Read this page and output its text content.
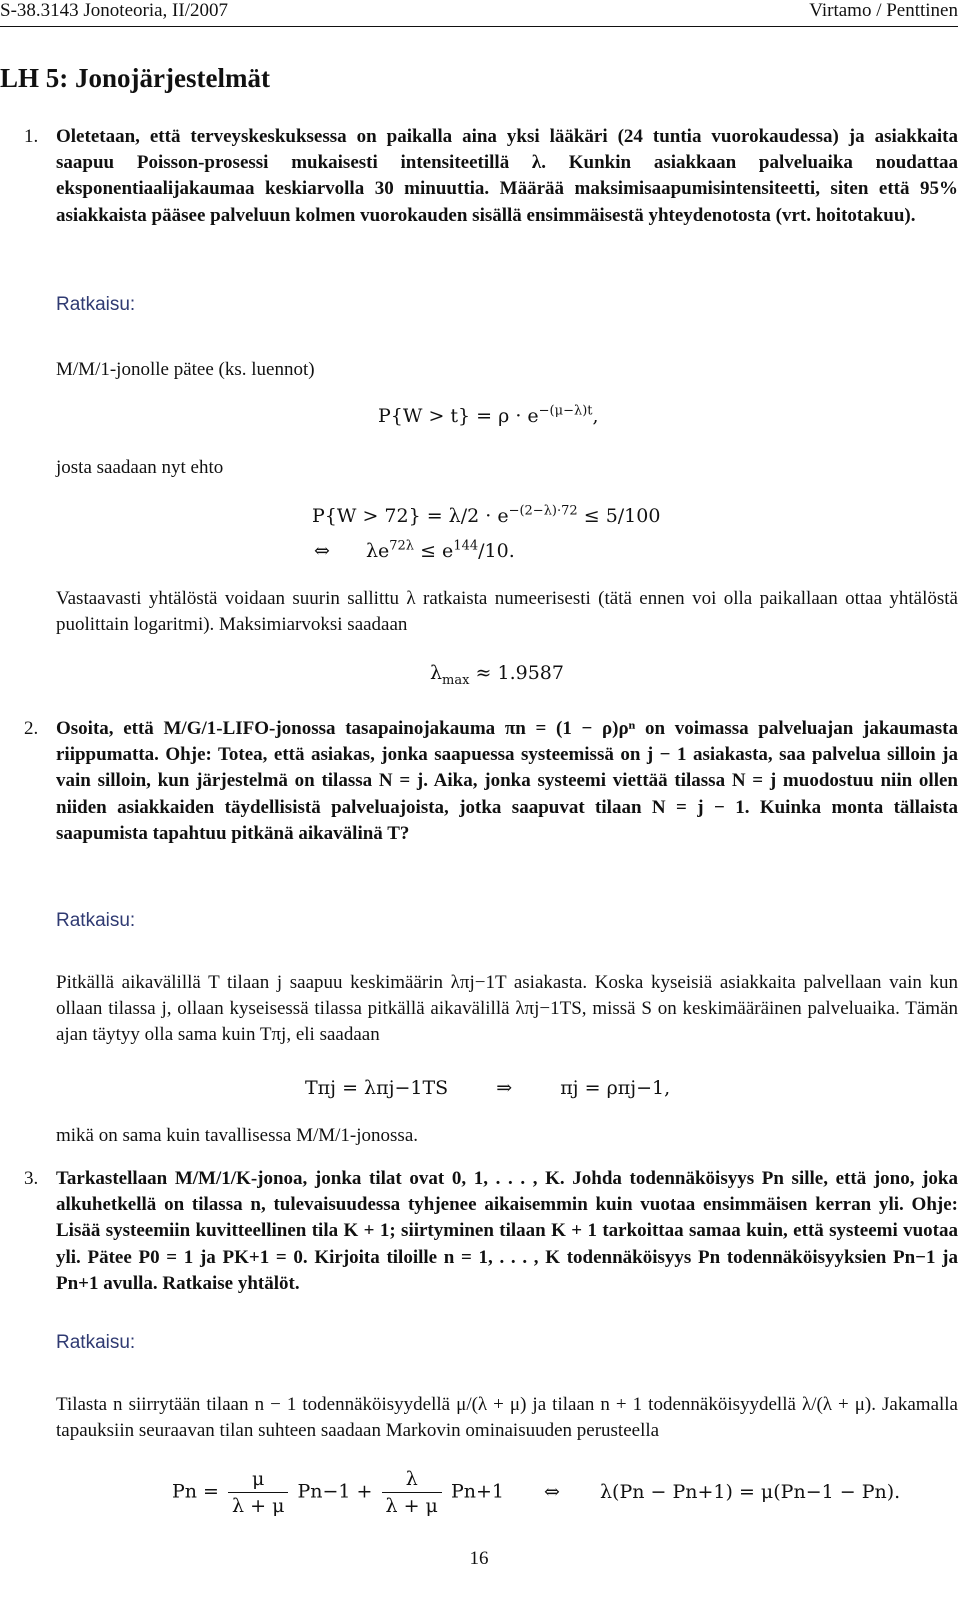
S-38.3143 Jonoteoria, II/2007	Virtamo / Penttinen
LH 5: Jonojärjestelmät
1. Oletetaan, että terveyskeskuksessa on paikalla aina yksi lääkäri (24 tuntia vuorokaudessa) ja asiakkaita saapuu Poisson-prosessi mukaisesti intensiteetillä λ. Kunkin asiakkaan palveluaika noudattaa eksponentiaalijakaumaa keskiarvolla 30 minuuttia. Määrää maksimisaapumisintensiteetti, siten että 95% asiakkaista pääsee palveluun kolmen vuorokauden sisällä ensimmäisestä yhteydenotosta (vrt. hoitotakuu).
Ratkaisu:
M/M/1-jonolle pätee (ks. luennot)
$P\{W > t\} = \rho \cdot e^{-(\mu-\lambda)t}$,
josta saadaan nyt ehto
$P\{W > 72\} = \lambda/2 \cdot e^{-(2-\lambda)\cdot 72} \le 5/100$
⇔ $\lambda e^{72\lambda} \le e^{144}/10$.
Vastaavasti yhtälöstä voidaan suurin sallittu λ ratkaista numeerisesti (tätä ennen voi olla paikallaan ottaa yhtälöstä puolittain logaritmi). Maksimiarvoksi saadaan
$\lambda_{max} \approx 1.9587$
2. Osoita, että M/G/1-LIFO-jonossa tasapainojakauma πn = (1 − ρ)ρⁿ on voimassa palveluajan jakaumasta riippumatta. Ohje: Totea, että asiakas, jonka saapuessa systeemissä on j − 1 asiakasta, saa palvelua silloin ja vain silloin, kun järjestelmä on tilassa N = j. Aika, jonka systeemi viettää tilassa N = j muodostuu niin ollen niiden asiakkaiden täydellisistä palveluajoista, jotka saapuvat tilaan N = j − 1. Kuinka monta tällaista saapumista tapahtuu pitkänä aikavälinä T?
Ratkaisu:
Pitkällä aikavälillä T tilaan j saapuu keskimäärin λπj−1T asiakasta. Koska kyseisiä asiakkaita palvellaan vain kun ollaan tilassa j, ollaan kyseisessä tilassa pitkällä aikavälillä λπj−1TS, missä S on keskimääräinen palveluaika. Tämän ajan täytyy olla sama kuin Tπj, eli saadaan
Tπj = λπj−1TS	⇒	πj = ρπj−1,
mikä on sama kuin tavallisessa M/M/1-jonossa.
3. Tarkastellaan M/M/1/K-jonoa, jonka tilat ovat 0, 1, . . . , K. Johda todennäköisyys Pn sille, että jono, joka alkuhetkellä on tilassa n, tulevaisuudessa tyhjenee aikaisemmin kuin vuotaa ensimmäisen kerran yli. Ohje: Lisää systeemiin kuvitteellinen tila K + 1; siirtyminen tilaan K + 1 tarkoittaa samaa kuin, että systeemi vuotaa yli. Pätee P0 = 1 ja PK+1 = 0. Kirjoita tiloille n = 1, . . . , K todennäköisyys Pn todennäköisyyksien Pn−1 ja Pn+1 avulla. Ratkaise yhtälöt.
Ratkaisu:
Tilasta n siirrytään tilaan n − 1 todennäköisyydellä μ/(λ + μ) ja tilaan n + 1 todennäköisyydellä λ/(λ + μ). Jakamalla tapauksiin seuraavan tilan suhteen saadaan Markovin ominaisuuden perusteella
$Pn = \frac{\mu}{\lambda + \mu} Pn-1 + \frac{\lambda}{\lambda + \mu} Pn+1$ ⇔ λ(Pn − Pn+1) = μ(Pn−1 − Pn).
16
